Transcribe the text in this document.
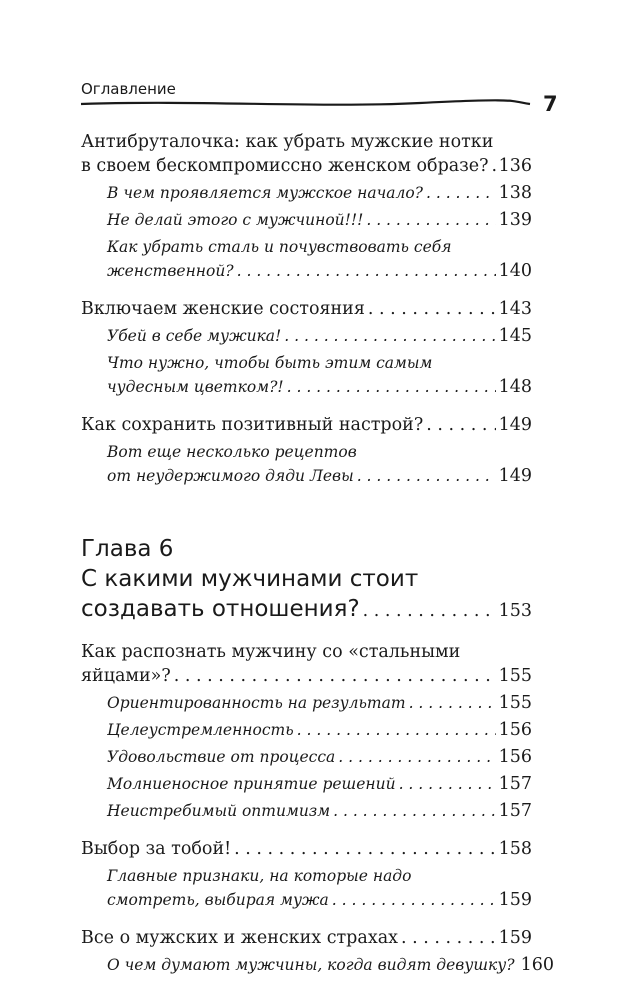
Оглавление
7
Антибруталочка: как убрать мужские нотки
в своем бескомпромиссно женском образе? . . . 136
В чем проявляется мужское начало? . . .	138
Не делай этого с мужчиной!!! . . .	139
Как убрать сталь и почувствовать себя
женственной? . . .	140
Включаем женские состояния . . .	143
Убей в себе мужика! . . .	145
Что нужно, чтобы быть этим самым
чудесным цветком?! . . .	148
Как сохранить позитивный настрой? . . .	149
Вот еще несколько рецептов
от неудержимого дяди Левы . . .	149
Глава 6
С какими мужчинами стоит
создавать отношения? . . .	153
Как распознать мужчину со «стальными
яйцами»? . . .	155
Ориентированность на результат . . .	155
Целеустремленность . . .	156
Удовольствие от процесса . . .	156
Молниеносное принятие решений . . .	157
Неистребимый оптимизм . . .	157
Выбор за тобой! . . .	158
Главные признаки, на которые надо
смотреть, выбирая мужа . . .	159
Все о мужских и женских страхах . . .	159
О чем думают мужчины, когда видят девушку? 160
